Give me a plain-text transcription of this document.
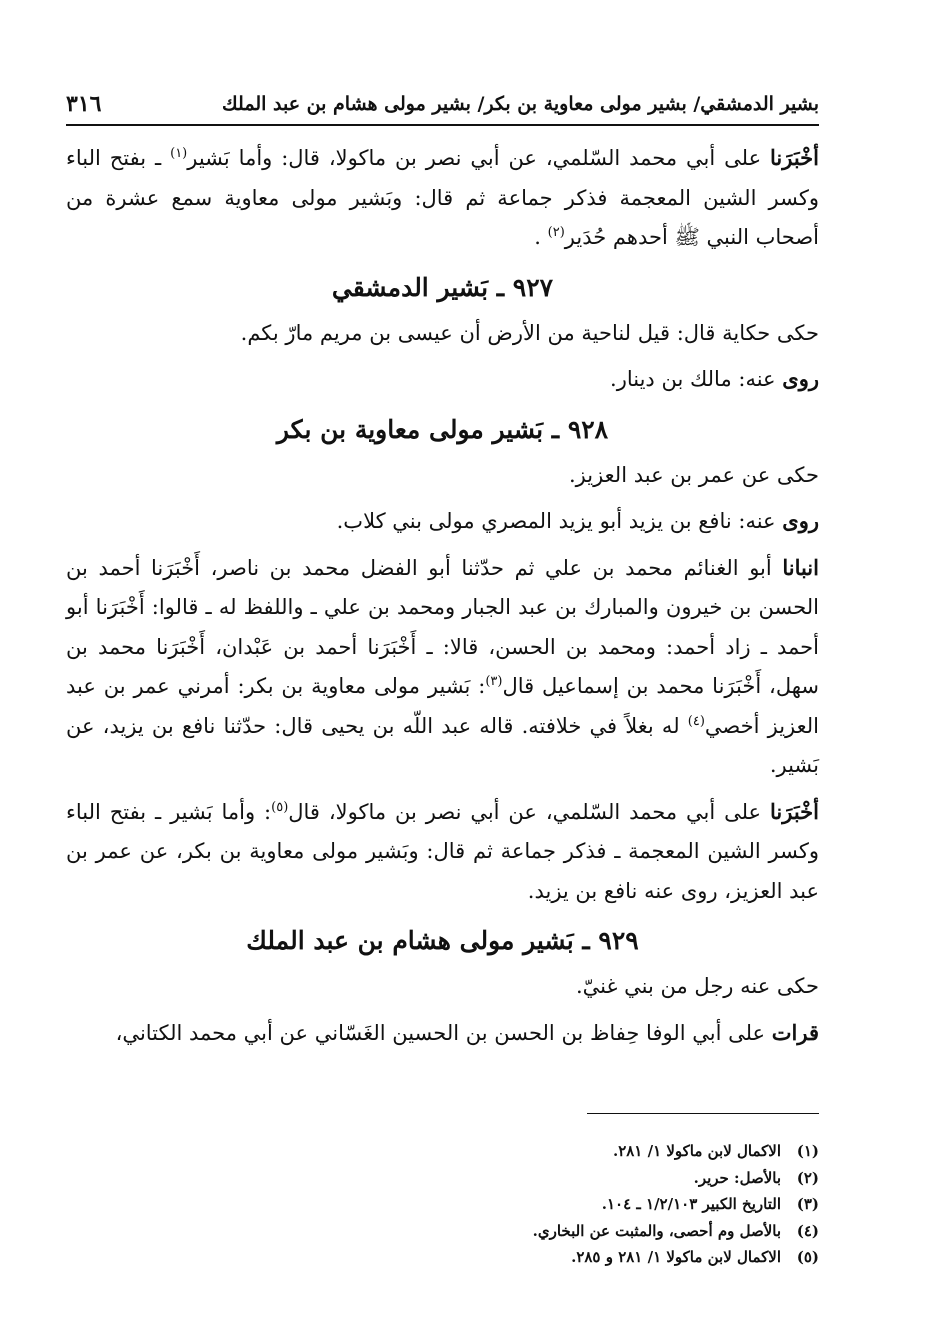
بشير الدمشقي/ بشير مولى معاوية بن بكر/ بشير مولى هشام بن عبد الملك
٣١٦

أخْبَرَنا على أبي محمد السّلمي، عن أبي نصر بن ماكولا، قال: وأما بَشير$^{(١)}$ ـ بفتح الباء وكسر الشين المعجمة فذكر جماعة ثم قال: وبَشير مولى معاوية سمع عشرة من أصحاب النبي ﷺ أحدهم حُدَير$^{(٢)}$ .

٩٢٧ ـ بَشير الدمشقي

حكى حكاية قال: قيل لناحية من الأرض أن عيسى بن مريم مارّ بكم.

روى عنه: مالك بن دينار.

٩٢٨ ـ بَشير مولى معاوية بن بكر

حكى عن عمر بن عبد العزيز.

روى عنه: نافع بن يزيد أبو يزيد المصري مولى بني كلاب.

انبانا أبو الغنائم محمد بن علي ثم حدّثنا أبو الفضل محمد بن ناصر، أَخْبَرَنا أحمد بن الحسن بن خيرون والمبارك بن عبد الجبار ومحمد بن علي ـ واللفظ له ـ قالوا: أَخْبَرَنا أبو أحمد ـ زاد أحمد: ومحمد بن الحسن، قالا: ـ أَخْبَرَنا أحمد بن عَبْدان، أَخْبَرَنا محمد بن سهل، أَخْبَرَنا محمد بن إسماعيل قال$^{(٣)}$: بَشير مولى معاوية بن بكر: أمرني عمر بن عبد العزيز أخصي$^{(٤)}$ له بغلاً في خلافته. قاله عبد اللّه بن يحيى قال: حدّثنا نافع بن يزيد، عن بَشير.

أخْبَرَنا على أبي محمد السّلمي، عن أبي نصر بن ماكولا، قال$^{(٥)}$: وأما بَشير ـ بفتح الباء وكسر الشين المعجمة ـ فذكر جماعة ثم قال: وبَشير مولى معاوية بن بكر، عن عمر بن عبد العزيز، روى عنه نافع بن يزيد.

٩٢٩ ـ بَشير مولى هشام بن عبد الملك

حكى عنه رجل من بني غنيّ.

قرات على أبي الوفا حِفاظ بن الحسن بن الحسين الغَسّاني عن أبي محمد الكتاني،

(١)
الاكمال لابن ماكولا ١/ ٢٨١.
(٢)
بالأصل: حرير.
(٣)
التاريخ الكبير ١/٢/١٠٣ ـ ١٠٤.
(٤)
بالأصل وم أحصى، والمثبت عن البخاري.
(٥)
الاكمال لابن ماكولا ١/ ٢٨١ و ٢٨٥.
